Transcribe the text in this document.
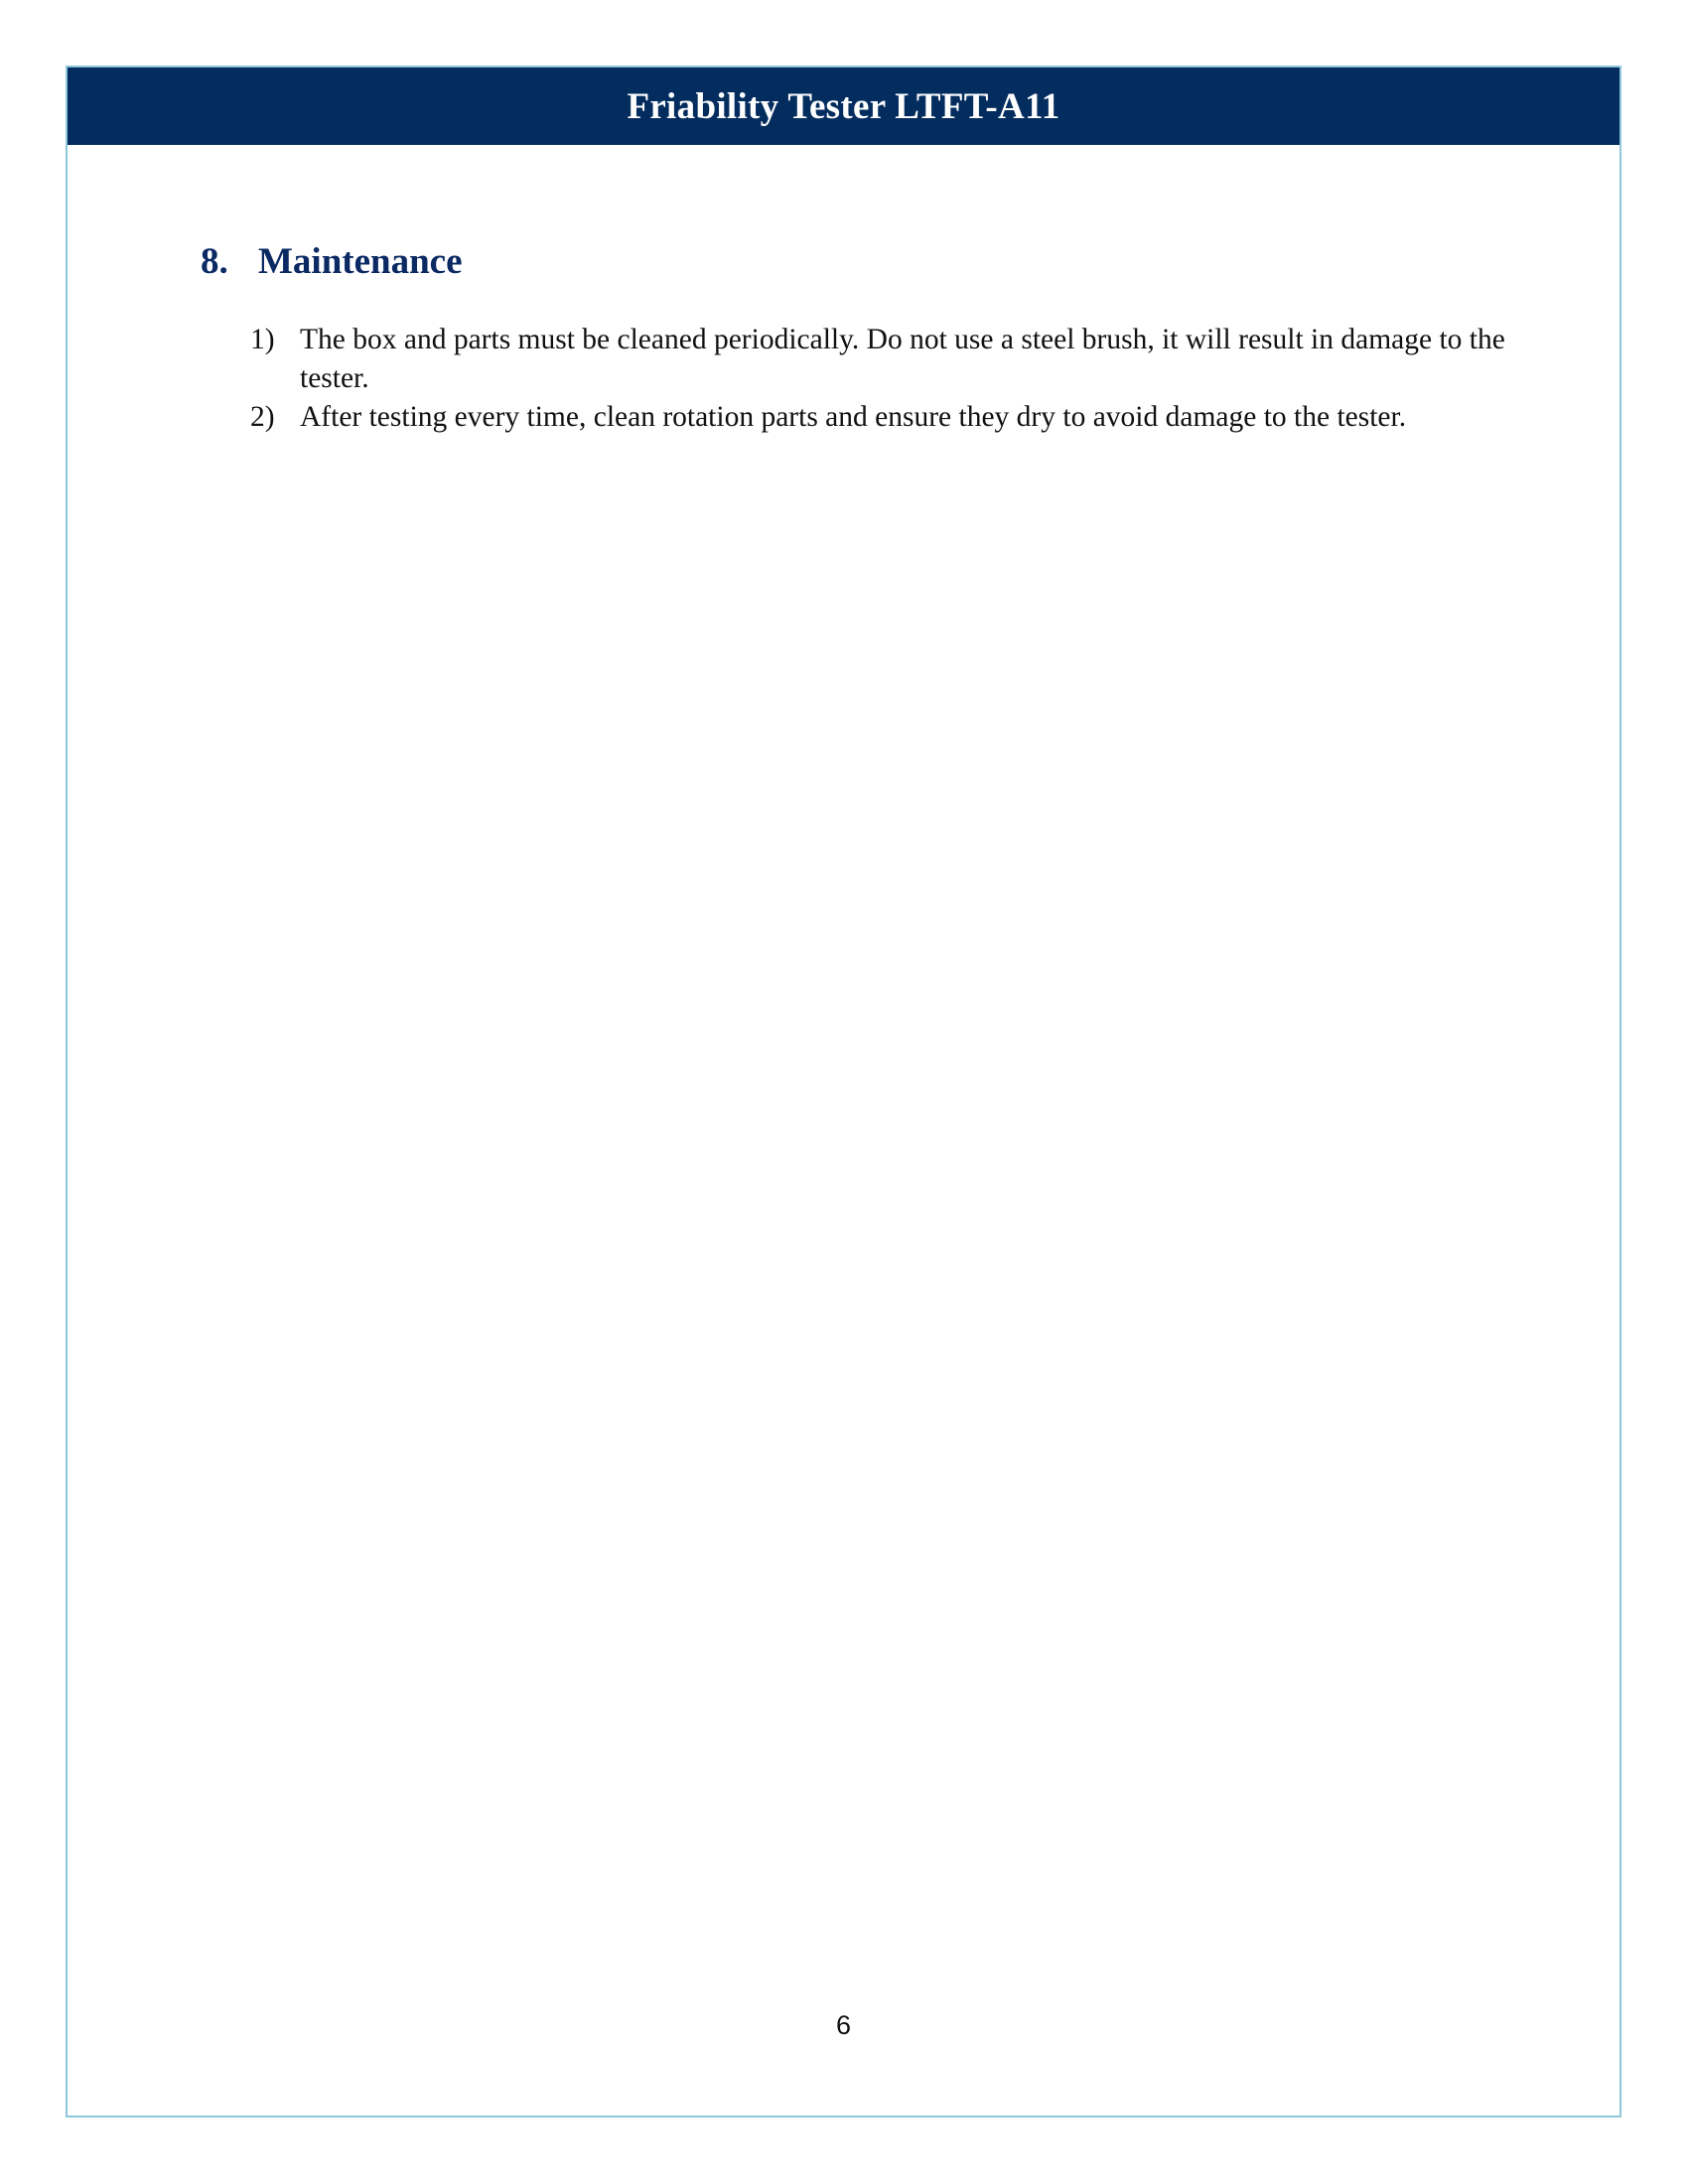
Friability Tester LTFT-A11
8. Maintenance
1) The box and parts must be cleaned periodically. Do not use a steel brush, it will result in damage to the tester.
2) After testing every time, clean rotation parts and ensure they dry to avoid damage to the tester.
6
